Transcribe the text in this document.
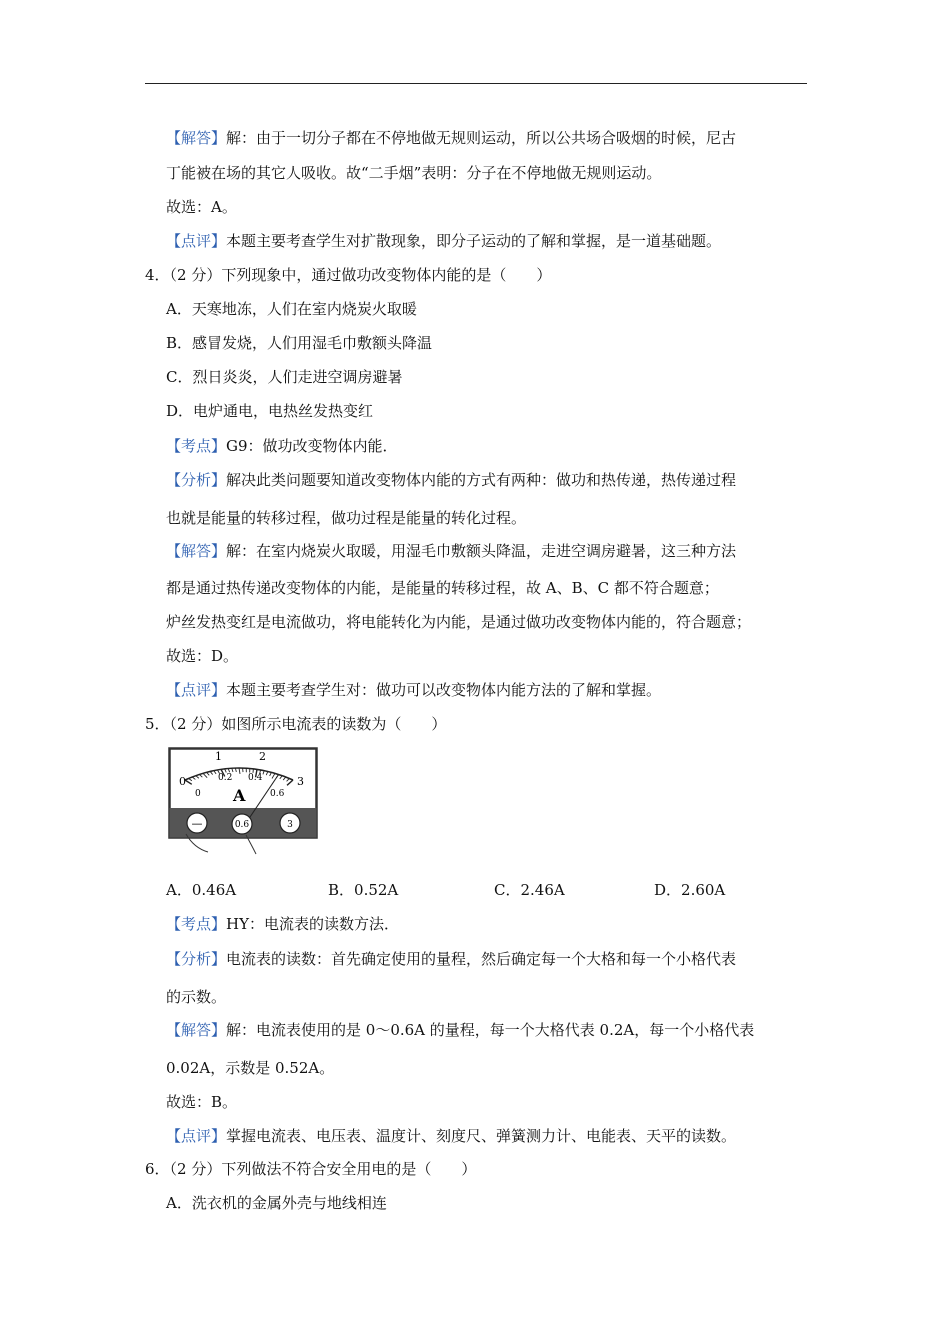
【解答】解：由于一切分子都在不停地做无规则运动，所以公共场合吸烟的时候，尼古
丁能被在场的其它人吸收。故“二手烟”表明：分子在不停地做无规则运动。
故选：A。
【点评】本题主要考查学生对扩散现象，即分子运动的了解和掌握，是一道基础题。
4．（2 分）下列现象中，通过做功改变物体内能的是（　　）
A．天寒地冻，人们在室内烧炭火取暖
B．感冒发烧，人们用湿毛巾敷额头降温
C．烈日炎炎，人们走进空调房避暑
D．电炉通电，电热丝发热变红
【考点】G9：做功改变物体内能．
【分析】解决此类问题要知道改变物体内能的方式有两种：做功和热传递，热传递过程
也就是能量的转移过程，做功过程是能量的转化过程。
【解答】解：在室内烧炭火取暖，用湿毛巾敷额头降温，走进空调房避暑，这三种方法
都是通过热传递改变物体的内能，是能量的转移过程，故 A、B、C 都不符合题意；
炉丝发热变红是电流做功，将电能转化为内能，是通过做功改变物体内能的，符合题意；
故选：D。
【点评】本题主要考查学生对：做功可以改变物体内能方法的了解和掌握。
5．（2 分）如图所示电流表的读数为（　　）
0
1	2
3
0
0.2 0.4
0.6
A
—	0.6	3
A．0.46A	B．0.52A	C．2.46A	D．2.60A
【考点】HY：电流表的读数方法．
【分析】电流表的读数：首先确定使用的量程，然后确定每一个大格和每一个小格代表
的示数。
【解答】解：电流表使用的是 0～0.6A 的量程，每一个大格代表 0.2A，每一个小格代表
0.02A，示数是 0.52A。
故选：B。
【点评】掌握电流表、电压表、温度计、刻度尺、弹簧测力计、电能表、天平的读数。
6．（2 分）下列做法不符合安全用电的是（　　）
A．洗衣机的金属外壳与地线相连
